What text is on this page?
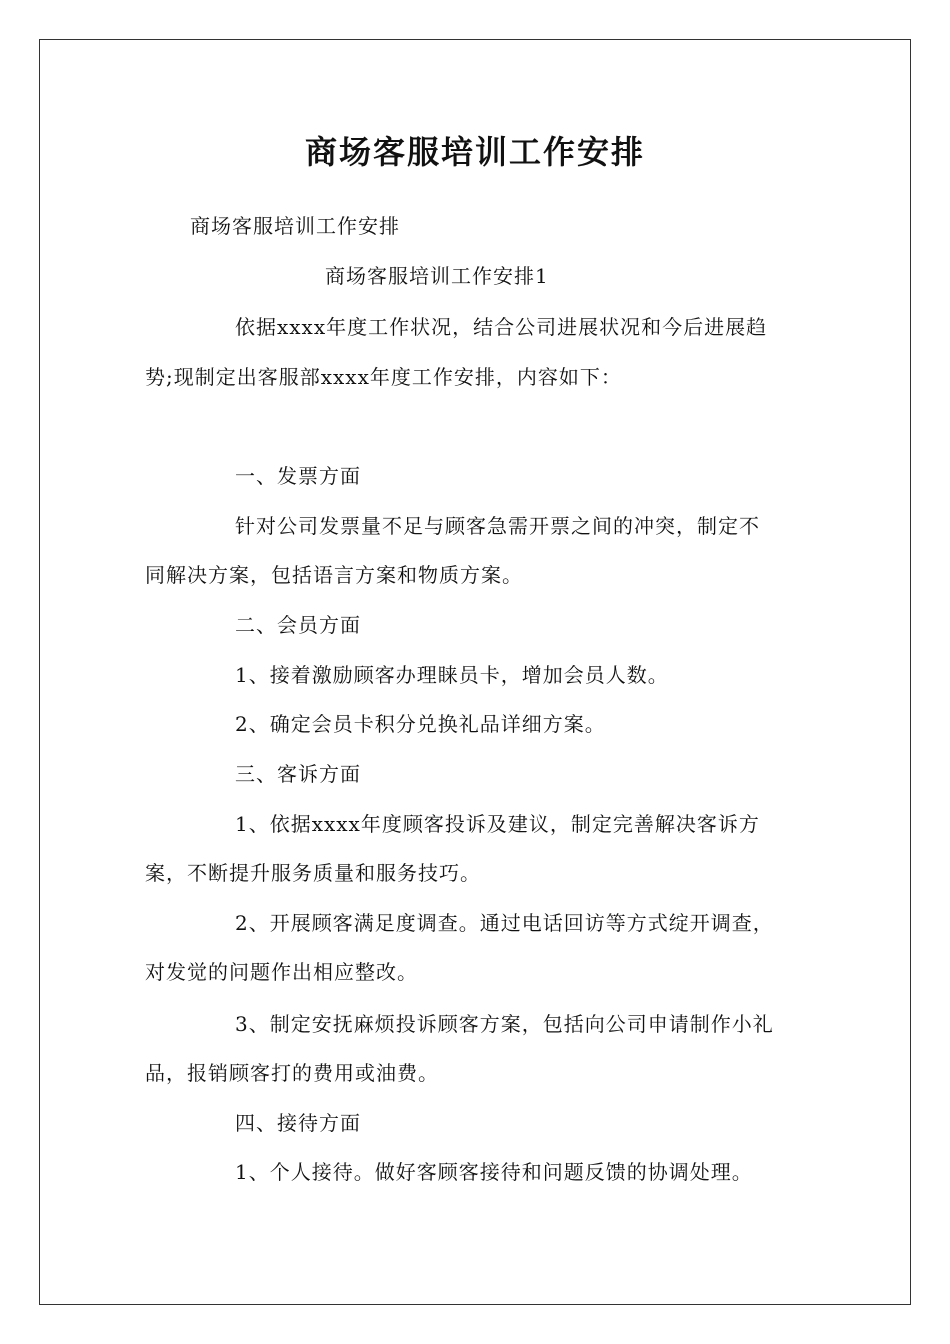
商场客服培训工作安排

商场客服培训工作安排

商场客服培训工作安排1

依据xxxx年度工作状况，结合公司进展状况和今后进展趋

势;现制定出客服部xxxx年度工作安排，内容如下：

一、发票方面

针对公司发票量不足与顾客急需开票之间的冲突，制定不

同解决方案，包括语言方案和物质方案。

二、会员方面

1、接着激励顾客办理睐员卡，增加会员人数。

2、确定会员卡积分兑换礼品详细方案。

三、客诉方面

1、依据xxxx年度顾客投诉及建议，制定完善解决客诉方

案，不断提升服务质量和服务技巧。

2、开展顾客满足度调查。通过电话回访等方式绽开调查，

对发觉的问题作出相应整改。

3、制定安抚麻烦投诉顾客方案，包括向公司申请制作小礼

品，报销顾客打的费用或油费。

四、接待方面

1、个人接待。做好客顾客接待和问题反馈的协调处理。
